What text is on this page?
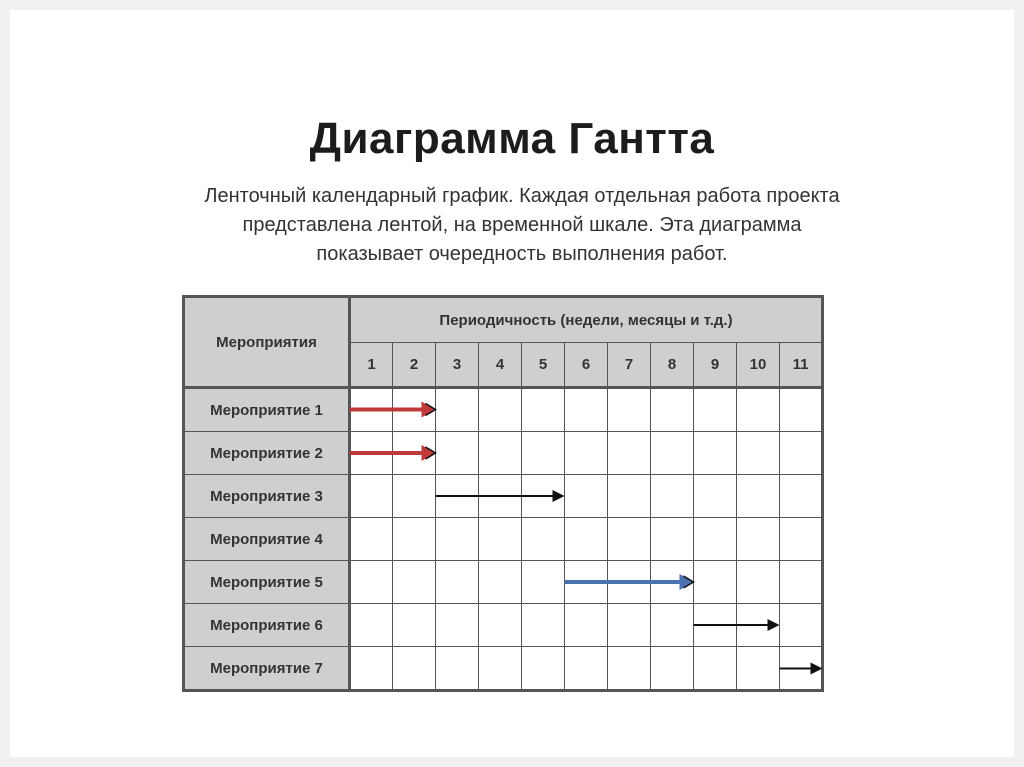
Диаграмма Гантта
Ленточный календарный график. Каждая отдельная работа проекта
представлена лентой, на временной шкале. Эта диаграмма
показывает очередность выполнения работ.
Мероприятия	Периодичность (недели, месяцы и т.д.)										
	1	2	3	4	5	6	7	8	9	10	11
Мероприятие 1											
Мероприятие 2											
Мероприятие 3											
Мероприятие 4											
Мероприятие 5											
Мероприятие 6											
Мероприятие 7											
